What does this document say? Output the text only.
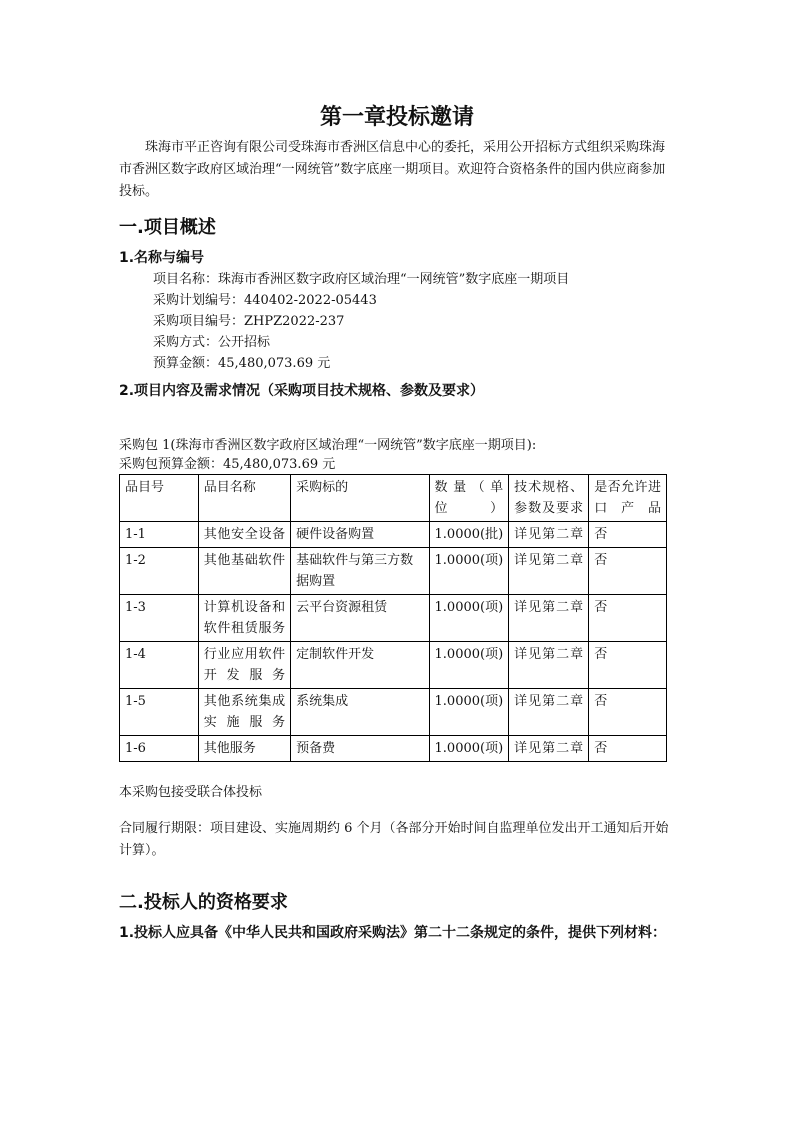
第一章投标邀请

珠海市平正咨询有限公司受珠海市香洲区信息中心的委托，采用公开招标方式组织采购珠海市香洲区数字政府区域治理“一网统管”数字底座一期项目。欢迎符合资格条件的国内供应商参加投标。

一.项目概述
1.名称与编号
项目名称：珠海市香洲区数字政府区域治理“一网统管”数字底座一期项目
采购计划编号：440402-2022-05443
采购项目编号：ZHPZ2022-237
采购方式：公开招标
预算金额：45,480,073.69 元
2.项目内容及需求情况（采购项目技术规格、参数及要求）
采购包 1(珠海市香洲区数字政府区域治理“一网统管”数字底座一期项目):
采购包预算金额：45,480,073.69 元
品目号	品目名称	采购标的	数量（单位）	技术规格、参数及要求	是否允许进口产品
1-1	其他安全设备	硬件设备购置	1.0000(批)	详见第二章	否
1-2	其他基础软件	基础软件与第三方数据购置	1.0000(项)	详见第二章	否
1-3	计算机设备和软件租赁服务	云平台资源租赁	1.0000(项)	详见第二章	否
1-4	行业应用软件开发服务	定制软件开发	1.0000(项)	详见第二章	否
1-5	其他系统集成实施服务	系统集成	1.0000(项)	详见第二章	否
1-6	其他服务	预备费	1.0000(项)	详见第二章	否
本采购包接受联合体投标
合同履行期限：项目建设、实施周期约 6 个月（各部分开始时间自监理单位发出开工通知后开始计算）。
二.投标人的资格要求
1.投标人应具备《中华人民共和国政府采购法》第二十二条规定的条件，提供下列材料：
